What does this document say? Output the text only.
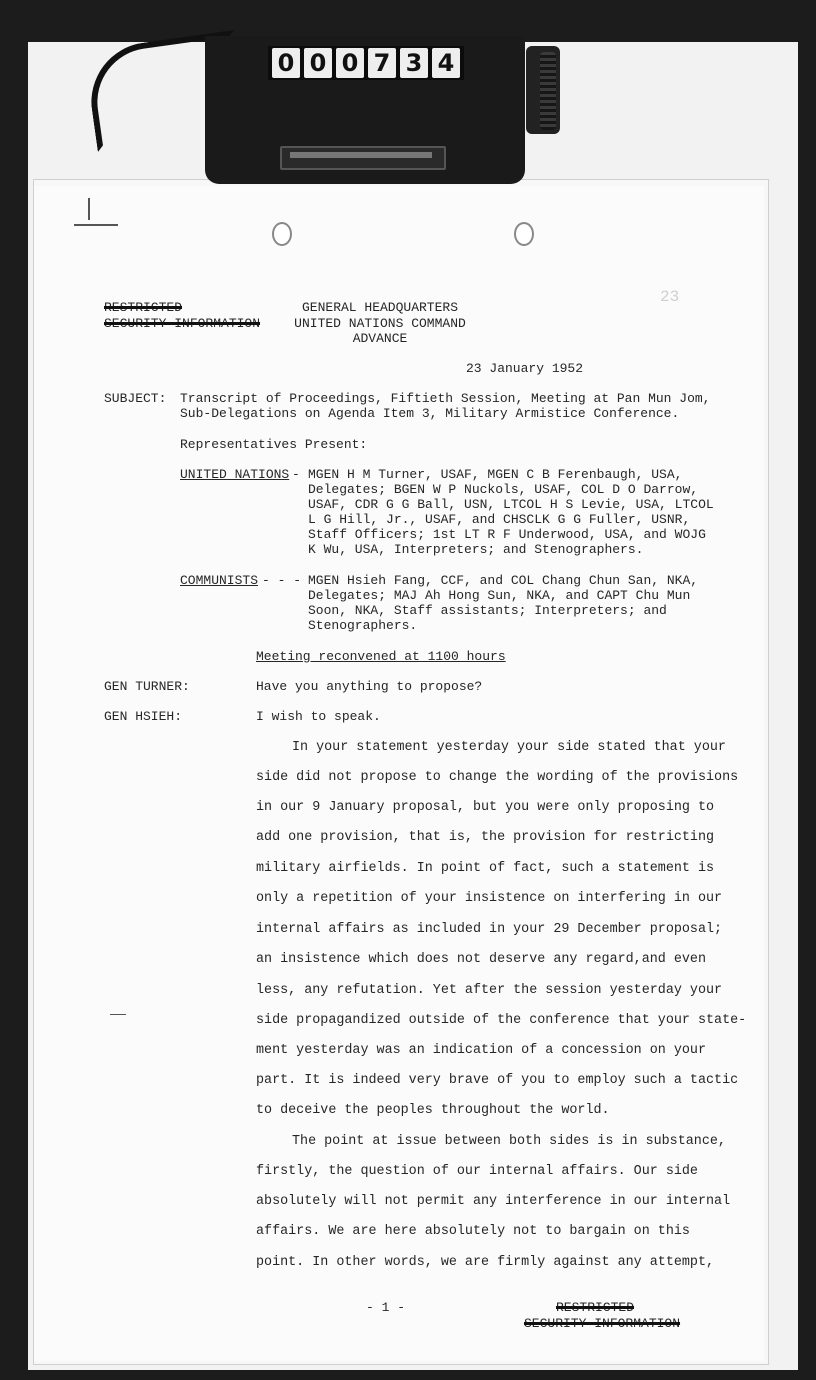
0 0 0 7 3 4
23
RESTRICTED
SECURITY INFORMATION
GENERAL HEADQUARTERS
UNITED NATIONS COMMAND
ADVANCE
23 January 1952
SUBJECT: Transcript of Proceedings, Fiftieth Session, Meeting at Pan Mun Jom,
Sub-Delegations on Agenda Item 3, Military Armistice Conference.
Representatives Present:
UNITED NATIONS - MGEN H M Turner, USAF, MGEN C B Ferenbaugh, USA,
Delegates; BGEN W P Nuckols, USAF, COL D O Darrow,
USAF, CDR G G Ball, USN, LTCOL H S Levie, USA, LTCOL
L G Hill, Jr., USAF, and CHSCLK G G Fuller, USNR,
Staff Officers; 1st LT R F Underwood, USA, and WOJG
K Wu, USA, Interpreters; and Stenographers.
COMMUNISTS - - - MGEN Hsieh Fang, CCF, and COL Chang Chun San, NKA,
Delegates; MAJ Ah Hong Sun, NKA, and CAPT Chu Mun
Soon, NKA, Staff assistants; Interpreters; and
Stenographers.
Meeting reconvened at 1100 hours
GEN TURNER:	Have you anything to propose?
GEN HSIEH:	I wish to speak.
In your statement yesterday your side stated that your
side did not propose to change the wording of the provisions
in our 9 January proposal, but you were only proposing to
add one provision, that is, the provision for restricting
military airfields. In point of fact, such a statement is
only a repetition of your insistence on interfering in our
internal affairs as included in your 29 December proposal;
an insistence which does not deserve any regard,and even
less, any refutation. Yet after the session yesterday your
side propagandized outside of the conference that your state-
ment yesterday was an indication of a concession on your
part. It is indeed very brave of you to employ such a tactic
to deceive the peoples throughout the world.
The point at issue between both sides is in substance,
firstly, the question of our internal affairs. Our side
absolutely will not permit any interference in our internal
affairs. We are here absolutely not to bargain on this
point. In other words, we are firmly against any attempt,
- 1 -	RESTRICTED
SECURITY INFORMATION
